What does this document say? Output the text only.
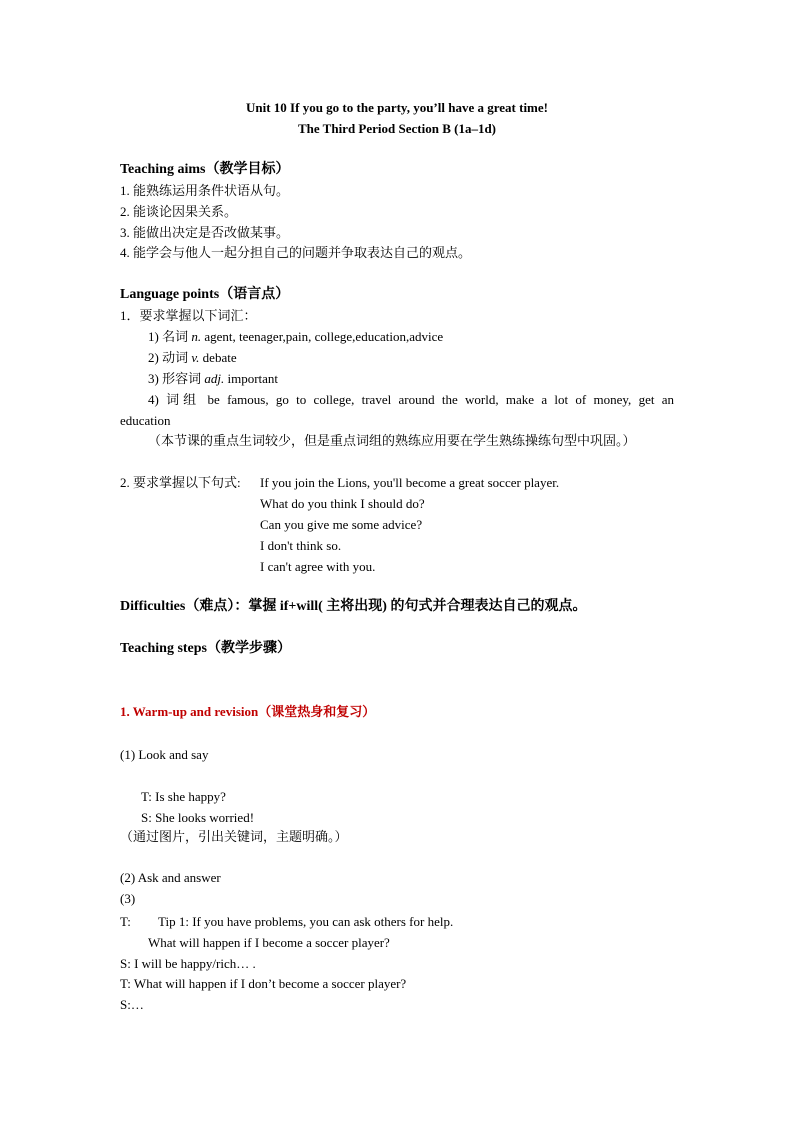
Unit 10 If you go to the party, you’ll have a great time!
The Third Period Section B (1a–1d)
Teaching aims（教学目标）
1. 能熟练运用条件状语从句。
2. 能谈论因果关系。
3. 能做出决定是否改做某事。
4. 能学会与他人一起分担自己的问题并争取表达自己的观点。
Language points（语言点）
1．要求掌握以下词汇：
1) 名词 n. agent, teenager,pain, college,education,advice
2) 动词 v. debate
3) 形容词 adj. important
4) 词组 be famous, go to college, travel around the world, make a lot of money, get an
education
（本节课的重点生词较少，但是重点词组的熟练应用要在学生熟练操练句型中巩固。）
2. 要求掌握以下句式: If you join the Lions, you'll become a great soccer player.
What do you think I should do?
Can you give me some advice?
I don't think so.
I can't agree with you.
Difficulties（难点）：掌握 if+will( 主将出现) 的句式并合理表达自己的观点。
Teaching steps（教学步骤）
1. Warm-up and revision（课堂热身和复习）
(1) Look and say
T: Is she happy?
S: She looks worried!
（通过图片，引出关键词，主题明确。）
(2) Ask and answer
(3)
T: Tip 1: If you have problems, you can ask others for help.
What will happen if I become a soccer player?
S: I will be happy/rich… .
T: What will happen if I don’t become a soccer player?
S:…
